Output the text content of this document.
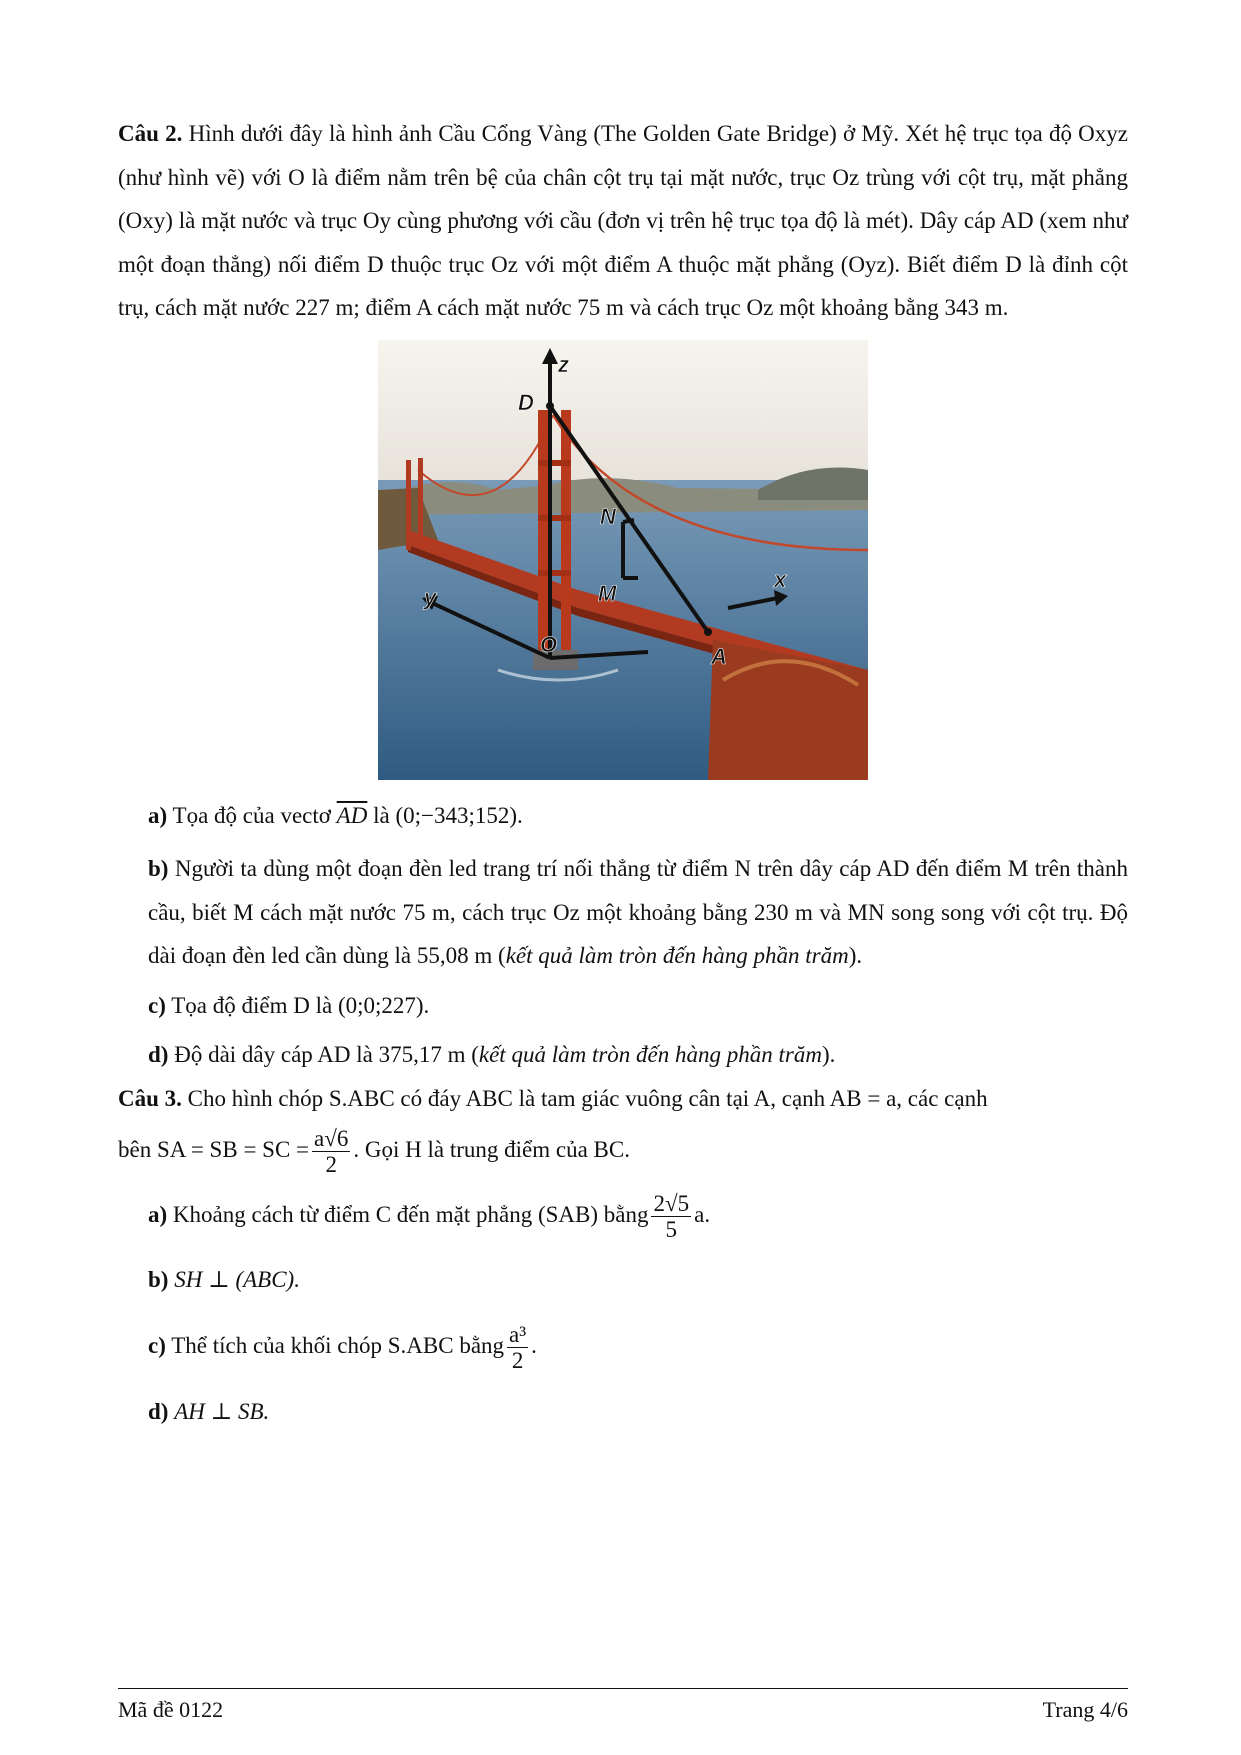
Câu 2. Hình dưới đây là hình ảnh Cầu Cổng Vàng (The Golden Gate Bridge) ở Mỹ. Xét hệ trục tọa độ Oxyz (như hình vẽ) với O là điểm nằm trên bệ của chân cột trụ tại mặt nước, trục Oz trùng với cột trụ, mặt phẳng (Oxy) là mặt nước và trục Oy cùng phương với cầu (đơn vị trên hệ trục tọa độ là mét). Dây cáp AD (xem như một đoạn thẳng) nối điểm D thuộc trục Oz với một điểm A thuộc mặt phẳng (Oyz). Biết điểm D là đỉnh cột trụ, cách mặt nước 227 m; điểm A cách mặt nước 75 m và cách trục Oz một khoảng bằng 343 m.

z
D
N
M
y
x
O	A

a) Tọa độ của vectơ $\overline{AD}$ là (0;−343;152).

b) Người ta dùng một đoạn đèn led trang trí nối thẳng từ điểm N trên dây cáp AD đến điểm M trên thành cầu, biết M cách mặt nước 75 m, cách trục Oz một khoảng bằng 230 m và MN song song với cột trụ. Độ dài đoạn đèn led cần dùng là 55,08 m (kết quả làm tròn đến hàng phần trăm).

c) Tọa độ điểm D là (0;0;227).

d) Độ dài dây cáp AD là 375,17 m (kết quả làm tròn đến hàng phần trăm).

Câu 3. Cho hình chóp S.ABC có đáy ABC là tam giác vuông cân tại A, cạnh AB = a, các cạnh

bên SA = SB = SC = $\frac{a√6}{2}$ . Gọi H là trung điểm của BC.

a) Khoảng cách từ điểm C đến mặt phẳng (SAB) bằng $\frac{2√5}{5} a$.

b) SH ⊥ (ABC).

c) Thể tích của khối chóp S.ABC bằng $\frac{\text{a³}}{2}$ .

d) AH ⊥ SB.

Mã đề 0122	Trang 4/6
